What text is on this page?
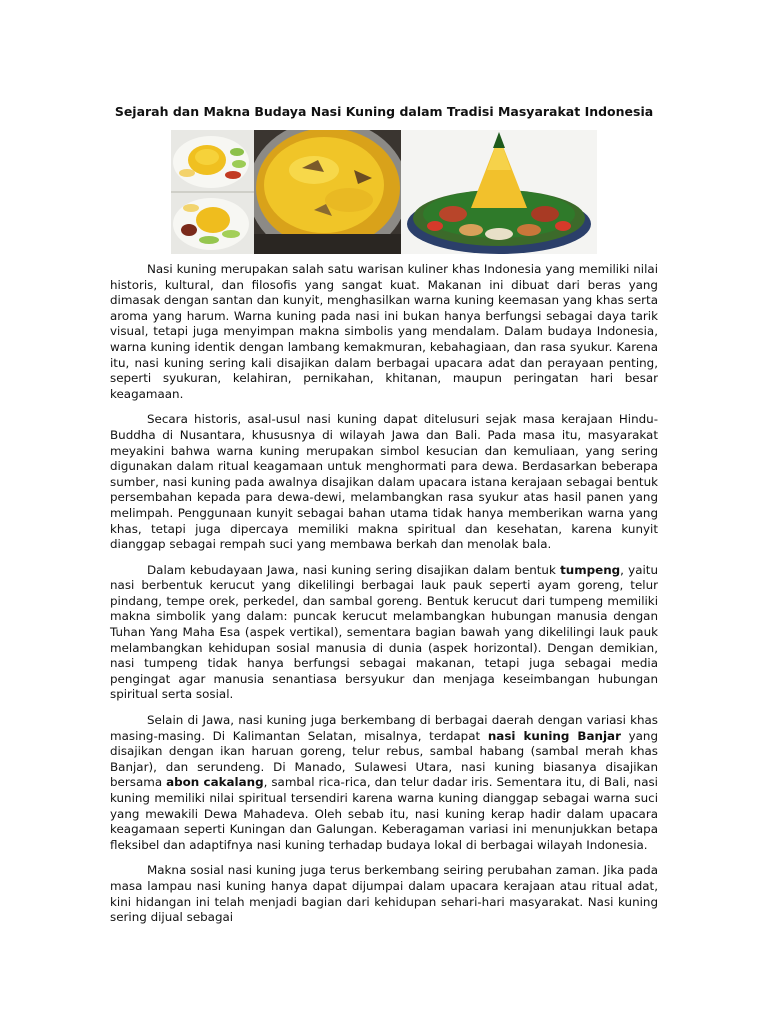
Sejarah dan Makna Budaya Nasi Kuning dalam Tradisi Masyarakat Indonesia

Nasi kuning merupakan salah satu warisan kuliner khas Indonesia yang memiliki nilai historis, kultural, dan filosofis yang sangat kuat. Makanan ini dibuat dari beras yang dimasak dengan santan dan kunyit, menghasilkan warna kuning keemasan yang khas serta aroma yang harum. Warna kuning pada nasi ini bukan hanya berfungsi sebagai daya tarik visual, tetapi juga menyimpan makna simbolis yang mendalam. Dalam budaya Indonesia, warna kuning identik dengan lambang kemakmuran, kebahagiaan, dan rasa syukur. Karena itu, nasi kuning sering kali disajikan dalam berbagai upacara adat dan perayaan penting, seperti syukuran, kelahiran, pernikahan, khitanan, maupun peringatan hari besar keagamaan.

Secara historis, asal-usul nasi kuning dapat ditelusuri sejak masa kerajaan Hindu-Buddha di Nusantara, khususnya di wilayah Jawa dan Bali. Pada masa itu, masyarakat meyakini bahwa warna kuning merupakan simbol kesucian dan kemuliaan, yang sering digunakan dalam ritual keagamaan untuk menghormati para dewa. Berdasarkan beberapa sumber, nasi kuning pada awalnya disajikan dalam upacara istana kerajaan sebagai bentuk persembahan kepada para dewa-dewi, melambangkan rasa syukur atas hasil panen yang melimpah. Penggunaan kunyit sebagai bahan utama tidak hanya memberikan warna yang khas, tetapi juga dipercaya memiliki makna spiritual dan kesehatan, karena kunyit dianggap sebagai rempah suci yang membawa berkah dan menolak bala.

Dalam kebudayaan Jawa, nasi kuning sering disajikan dalam bentuk tumpeng, yaitu nasi berbentuk kerucut yang dikelilingi berbagai lauk pauk seperti ayam goreng, telur pindang, tempe orek, perkedel, dan sambal goreng. Bentuk kerucut dari tumpeng memiliki makna simbolik yang dalam: puncak kerucut melambangkan hubungan manusia dengan Tuhan Yang Maha Esa (aspek vertikal), sementara bagian bawah yang dikelilingi lauk pauk melambangkan kehidupan sosial manusia di dunia (aspek horizontal). Dengan demikian, nasi tumpeng tidak hanya berfungsi sebagai makanan, tetapi juga sebagai media pengingat agar manusia senantiasa bersyukur dan menjaga keseimbangan hubungan spiritual serta sosial.

Selain di Jawa, nasi kuning juga berkembang di berbagai daerah dengan variasi khas masing-masing. Di Kalimantan Selatan, misalnya, terdapat nasi kuning Banjar yang disajikan dengan ikan haruan goreng, telur rebus, sambal habang (sambal merah khas Banjar), dan serundeng. Di Manado, Sulawesi Utara, nasi kuning biasanya disajikan bersama abon cakalang, sambal rica-rica, dan telur dadar iris. Sementara itu, di Bali, nasi kuning memiliki nilai spiritual tersendiri karena warna kuning dianggap sebagai warna suci yang mewakili Dewa Mahadeva. Oleh sebab itu, nasi kuning kerap hadir dalam upacara keagamaan seperti Kuningan dan Galungan. Keberagaman variasi ini menunjukkan betapa fleksibel dan adaptifnya nasi kuning terhadap budaya lokal di berbagai wilayah Indonesia.

Makna sosial nasi kuning juga terus berkembang seiring perubahan zaman. Jika pada masa lampau nasi kuning hanya dapat dijumpai dalam upacara kerajaan atau ritual adat, kini hidangan ini telah menjadi bagian dari kehidupan sehari-hari masyarakat. Nasi kuning sering dijual sebagai
